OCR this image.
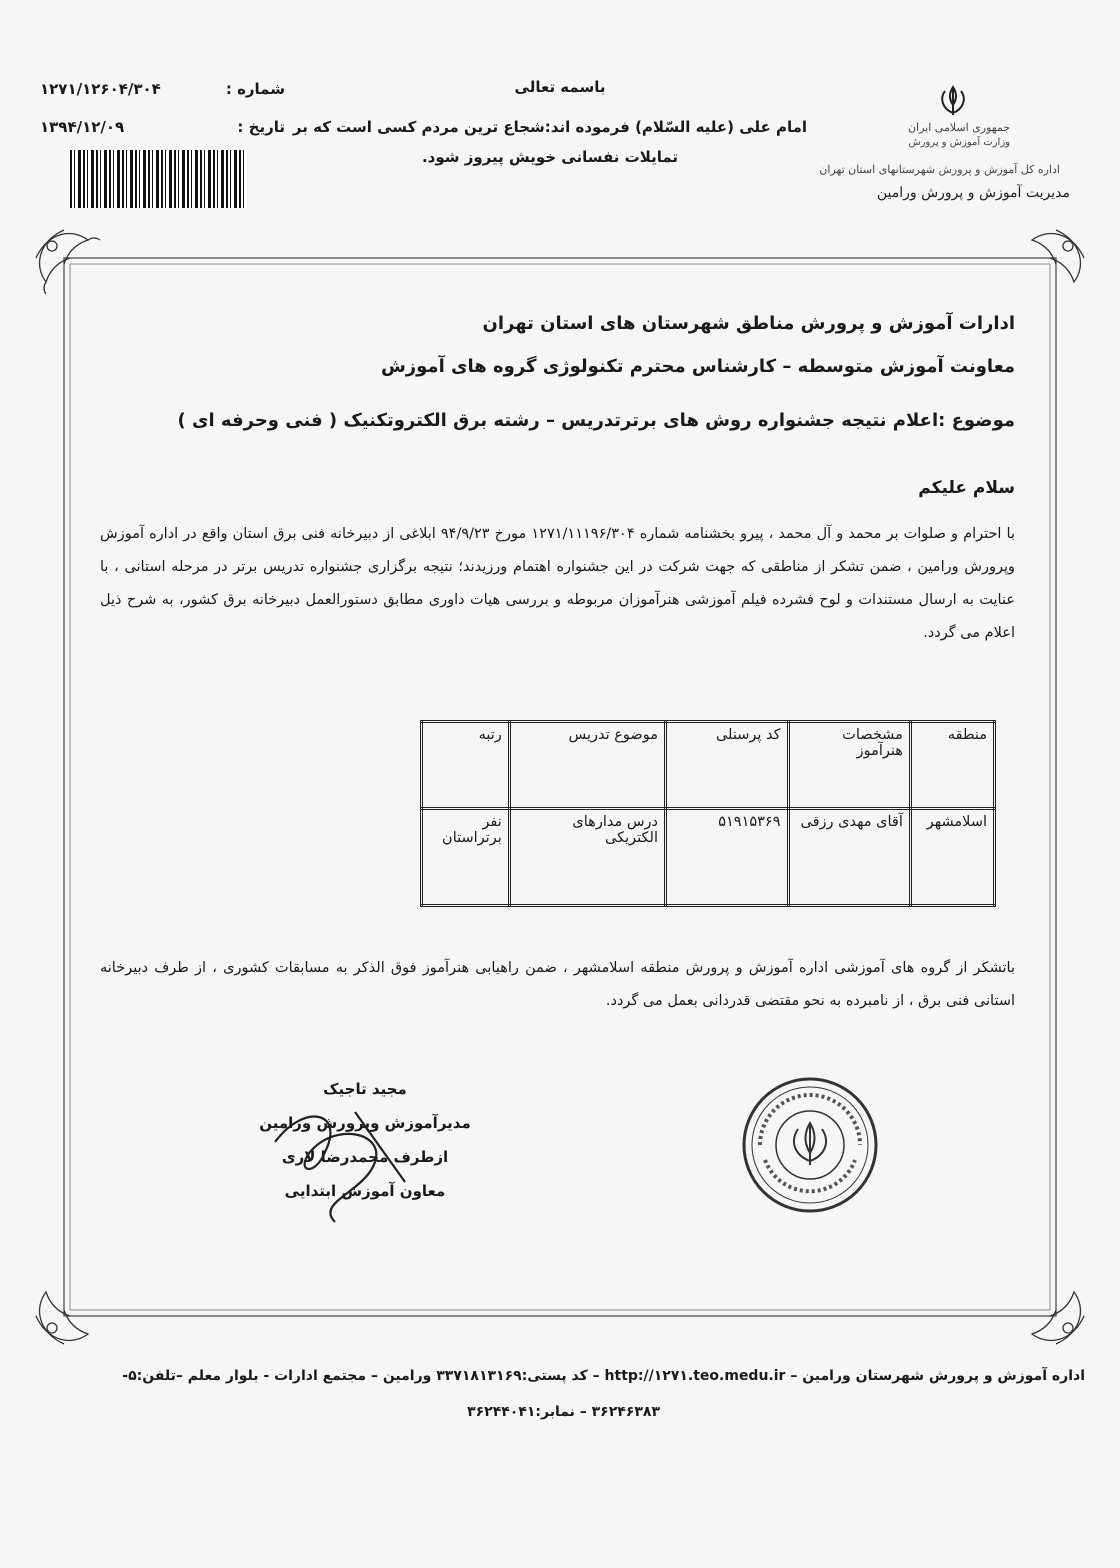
باسمه تعالی
امام علی (علیه السّلام) فرموده اند:شجاع ترین مردم کسی است که بر تمایلات نفسانی خویش پیروز شود.
شماره :
۱۲۷۱/۱۲۶۰۴/۳۰۴
تاریخ :
۱۳۹۴/۱۲/۰۹	جمهوری اسلامی ایران
وزارت آموزش و پرورش
اداره کل آموزش و پرورش شهرستانهای استان تهران
مدیریت آموزش و پرورش ورامین
ادارات آموزش و پرورش مناطق شهرستان های استان تهران
معاونت آموزش متوسطه – کارشناس محترم تکنولوژی گروه های آموزش
موضوع :اعلام نتیجه جشنواره روش های برترتدریس – رشته برق الکتروتکنیک ( فنی وحرفه ای )
سلام علیکم
با احترام و صلوات بر محمد و آل محمد ، پیرو بخشنامه شماره ۱۲۷۱/۱۱۱۹۶/۳۰۴ مورخ ۹۴/۹/۲۳ ابلاغی از دبیرخانه فنی برق استان واقع در اداره آموزش وپرورش ورامین ، ضمن تشکر از مناطقی که جهت شرکت در این جشنواره اهتمام ورزیدند؛ نتیجه برگزاری جشنواره تدریس برتر در مرحله استانی ، با عنایت به ارسال مستندات و لوح فشرده فیلم آموزشی هنرآموزان مربوطه و بررسی هیات داوری مطابق دستورالعمل دبیرخانه برق کشور، به شرح ذیل اعلام می گردد.
منطقه	مشخصات هنرآموز	کد پرسنلی	موضوع تدریس	رتبه
اسلامشهر	آقای مهدی رزقی	۵۱۹۱۵۳۶۹	درس مدارهای الکتریکی	نفر برتراستان
باتشکر از گروه های آموزشی اداره آموزش و پرورش منطقه اسلامشهر ، ضمن راهیابی هنرآموز فوق الذکر به مسابقات کشوری ، از طرف دبیرخانه استانی فنی برق ، از نامبرده به نحو مقتضی قدردانی بعمل می گردد.
مجید تاجیک
مدیرآموزش وپرورش ورامین
ازطرف محمدرضا لاری
معاون آموزش ابتدایی
اداره آموزش و پرورش شهرستان ورامین – http://۱۲۷۱.teo.medu.ir – کد پستی:۳۳۷۱۸۱۳۱۶۹ ورامین – مجتمع ادارات - بلوار معلم –تلفن:۵-
۳۶۲۴۶۳۸۳ – نمابر:۳۶۲۴۴۰۴۱
